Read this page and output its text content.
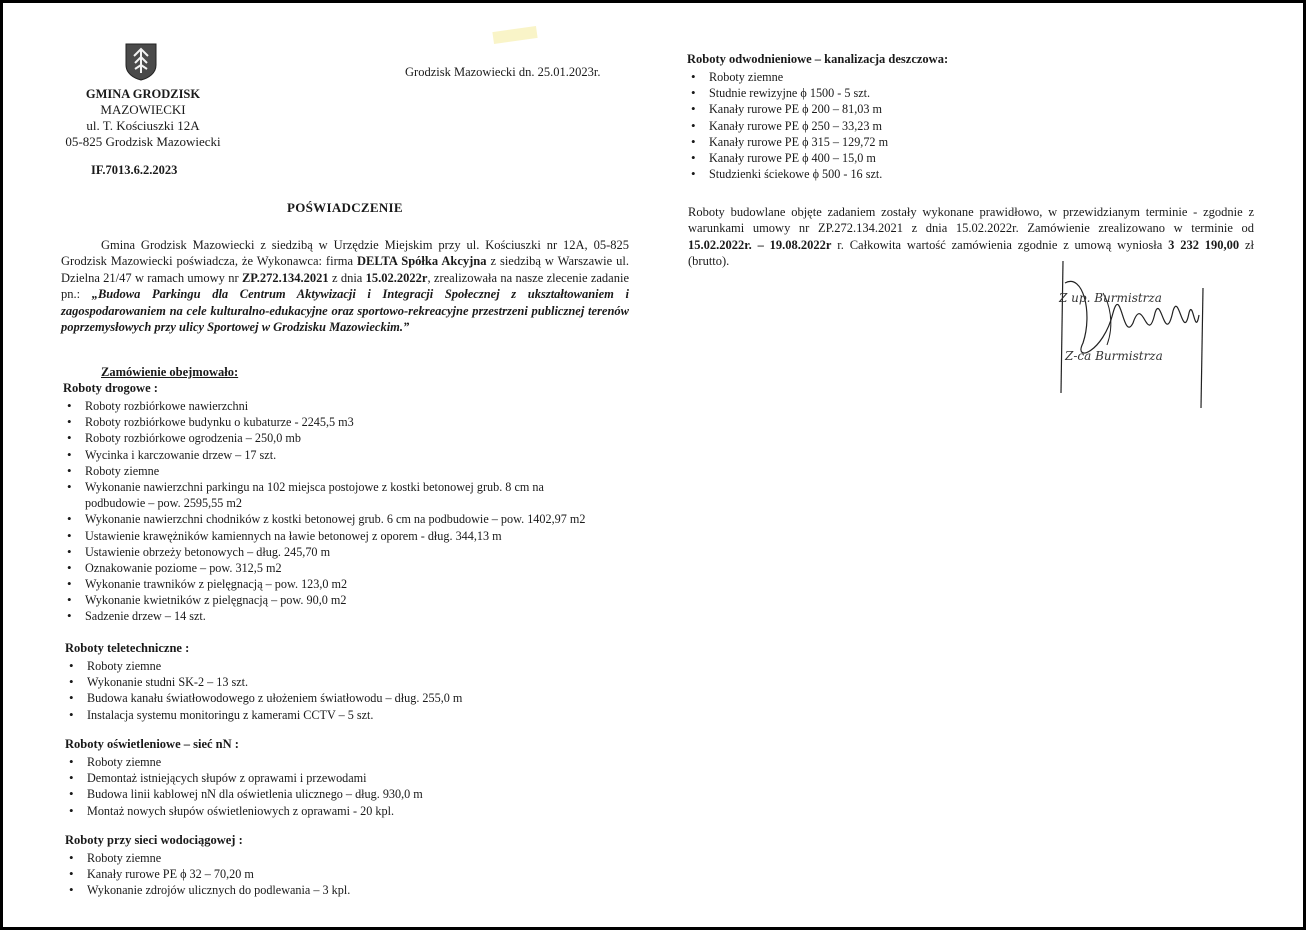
GMINA GRODZISK
MAZOWIECKI
ul. T. Kościuszki 12A
05-825 Grodzisk Mazowiecki
IF.7013.6.2.2023
Grodzisk Mazowiecki dn. 25.01.2023r.
POŚWIADCZENIE
Gmina Grodzisk Mazowiecki z siedzibą w Urzędzie Miejskim przy ul. Kościuszki nr 12A, 05-825 Grodzisk Mazowiecki poświadcza, że Wykonawca: firma DELTA Spółka Akcyjna z siedzibą w Warszawie ul. Dzielna 21/47 w ramach umowy nr ZP.272.134.2021 z dnia 15.02.2022r, zrealizowała na nasze zlecenie zadanie pn.: „Budowa Parkingu dla Centrum Aktywizacji i Integracji Społecznej z ukształtowaniem i zagospodarowaniem na cele kulturalno-edukacyjne oraz sportowo-rekreacyjne przestrzeni publicznej terenów poprzemysłowych przy ulicy Sportowej w Grodzisku Mazowieckim.”
Zamówienie obejmowało:
Roboty drogowe :
• Roboty rozbiórkowe nawierzchni
• Roboty rozbiórkowe budynku o kubaturze - 2245,5 m3
• Roboty rozbiórkowe ogrodzenia – 250,0 mb
• Wycinka i karczowanie drzew – 17 szt.
• Roboty ziemne
• Wykonanie nawierzchni parkingu na 102 miejsca postojowe z kostki betonowej grub. 8 cm na
podbudowie – pow. 2595,55 m2
• Wykonanie nawierzchni chodników z kostki betonowej grub. 6 cm na podbudowie – pow. 1402,97 m2
• Ustawienie krawężników kamiennych na ławie betonowej z oporem - dług. 344,13 m
• Ustawienie obrzeży betonowych – dług. 245,70 m
• Oznakowanie poziome – pow. 312,5 m2
• Wykonanie trawników z pielęgnacją – pow. 123,0 m2
• Wykonanie kwietników z pielęgnacją – pow. 90,0 m2
• Sadzenie drzew – 14 szt.
Roboty teletechniczne :
• Roboty ziemne
• Wykonanie studni SK-2 – 13 szt.
• Budowa kanału światłowodowego z ułożeniem światłowodu – dług. 255,0 m
• Instalacja systemu monitoringu z kamerami CCTV – 5 szt.
Roboty oświetleniowe – sieć nN :
• Roboty ziemne
• Demontaż istniejących słupów z oprawami i przewodami
• Budowa linii kablowej nN dla oświetlenia ulicznego – dług. 930,0 m
• Montaż nowych słupów oświetleniowych z oprawami - 20 kpl.
Roboty przy sieci wodociągowej :
• Roboty ziemne
• Kanały rurowe PE ϕ 32 – 70,20 m
• Wykonanie zdrojów ulicznych do podlewania – 3 kpl.
Roboty odwodnieniowe – kanalizacja deszczowa:
• Roboty ziemne
• Studnie rewizyjne ϕ 1500 - 5 szt.
• Kanały rurowe PE ϕ 200 – 81,03 m
• Kanały rurowe PE ϕ 250 – 33,23 m
• Kanały rurowe PE ϕ 315 – 129,72 m
• Kanały rurowe PE ϕ 400 – 15,0 m
• Studzienki ściekowe ϕ 500 - 16 szt.
Roboty budowlane objęte zadaniem zostały wykonane prawidłowo, w przewidzianym terminie - zgodnie z warunkami umowy nr ZP.272.134.2021 z dnia 15.02.2022r. Zamówienie zrealizowano w terminie od 15.02.2022r. – 19.08.2022r r. Całkowita wartość zamówienia zgodnie z umową wyniosła 3 232 190,00 zł (brutto).
Z up. Burmistrza
Z-ca Burmistrza
